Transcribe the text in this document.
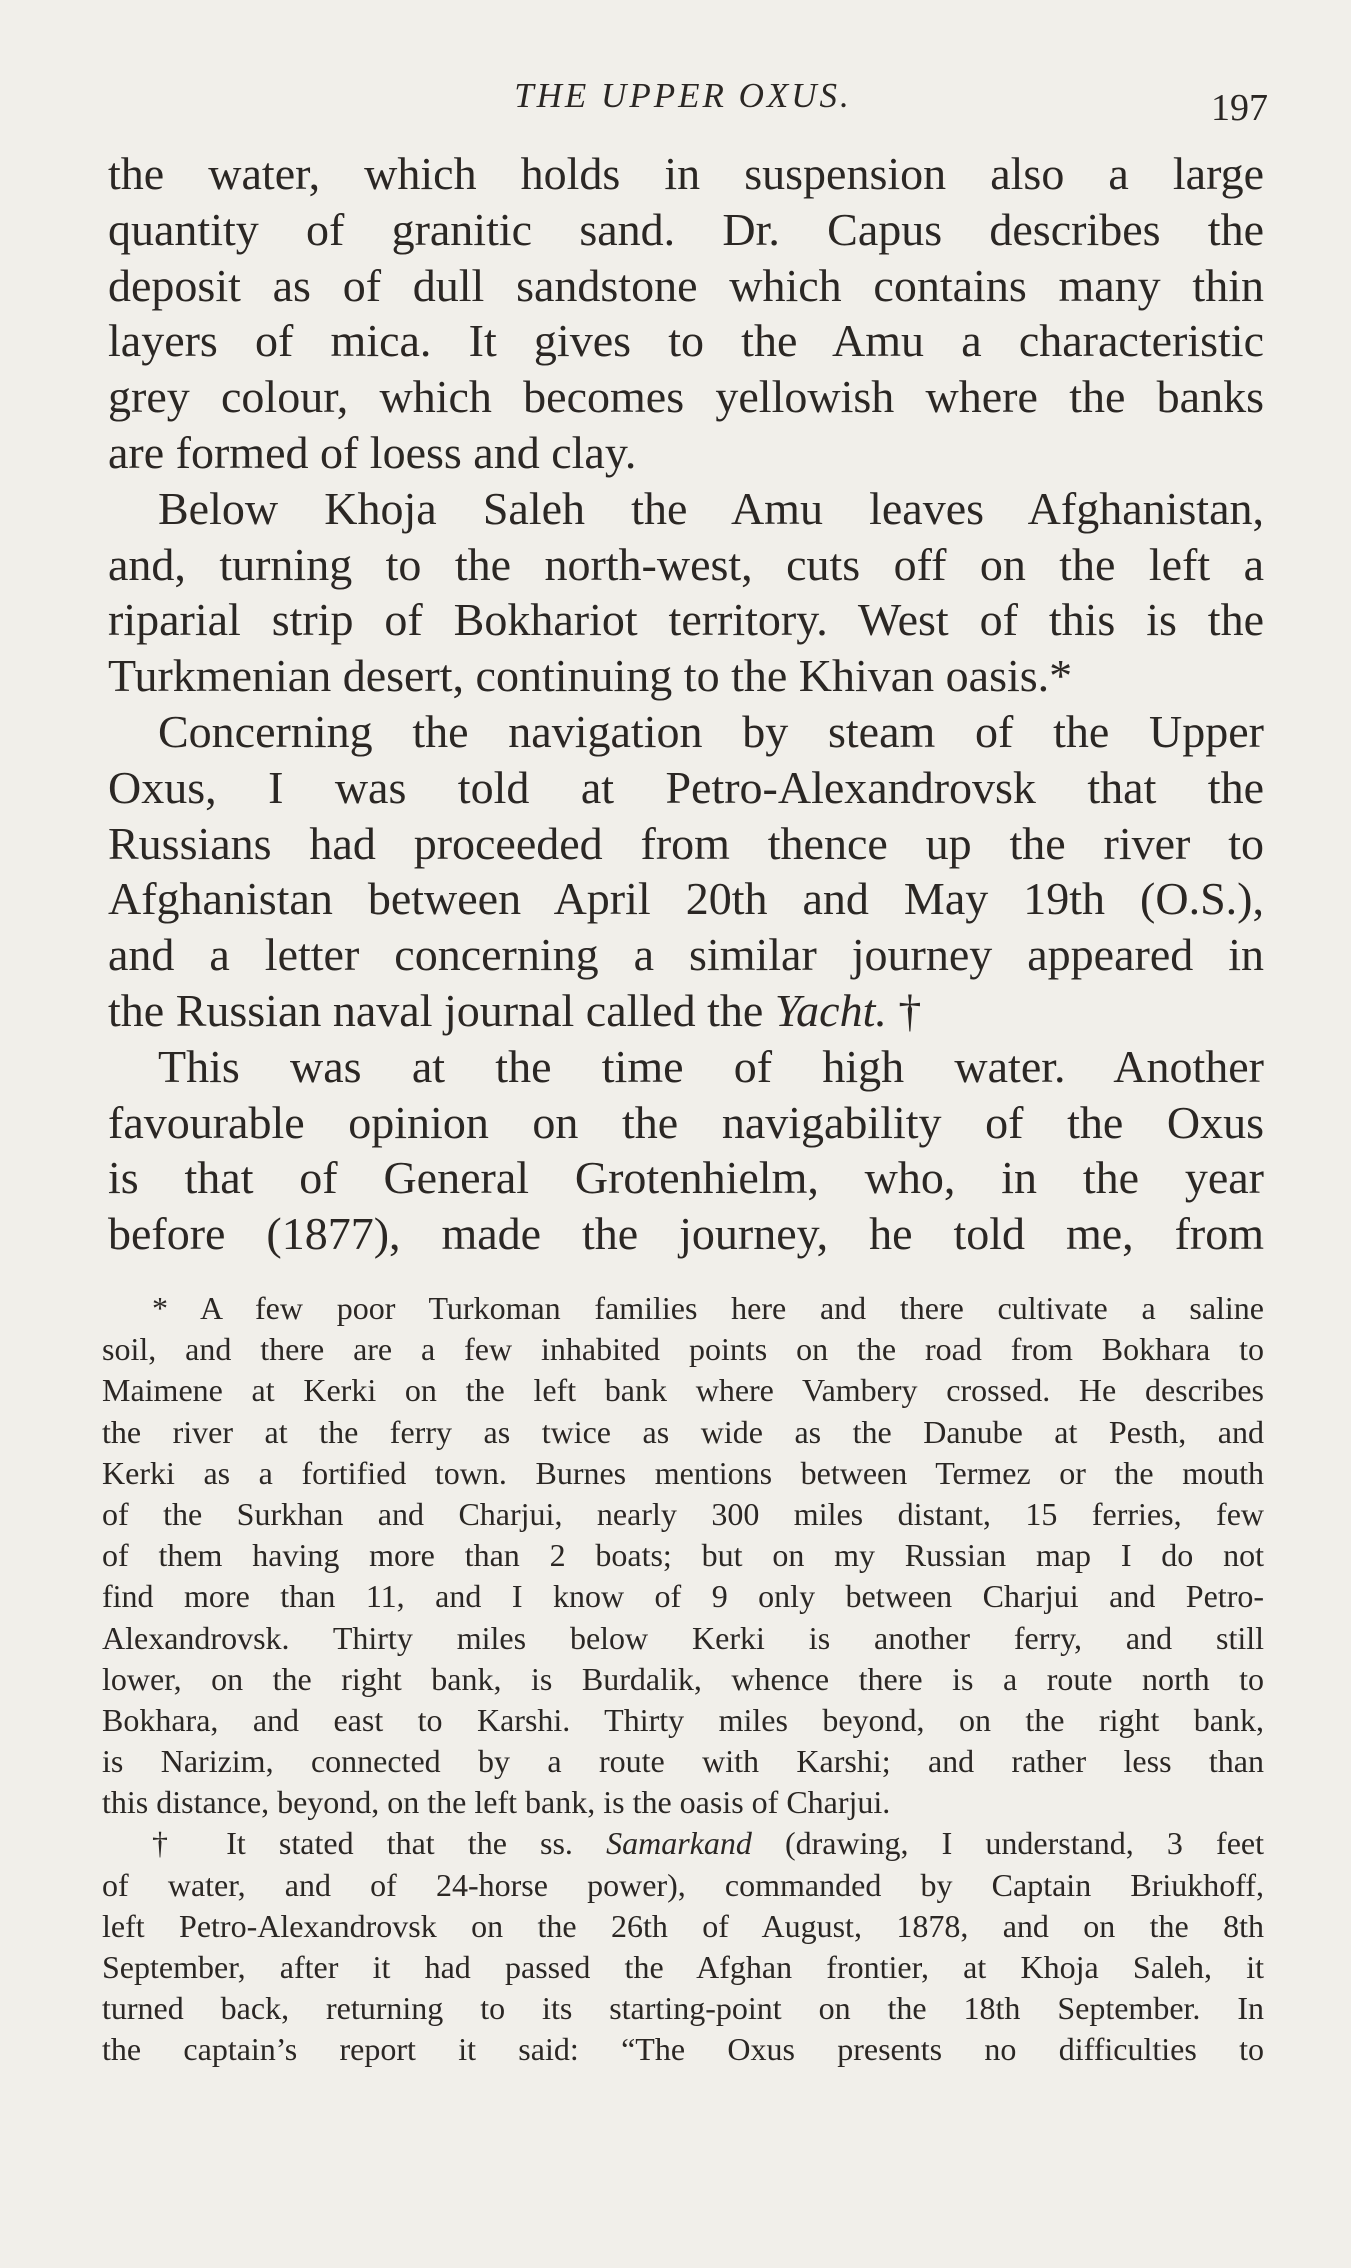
THE UPPER OXUS.	197
the water, which holds in suspension also a large
quantity of granitic sand. Dr. Capus describes the
deposit as of dull sandstone which contains many thin
layers of mica. It gives to the Amu a characteristic
grey colour, which becomes yellowish where the banks
are formed of loess and clay.
Below Khoja Saleh the Amu leaves Afghanistan,
and, turning to the north-west, cuts off on the left a
riparial strip of Bokhariot territory. West of this is the
Turkmenian desert, continuing to the Khivan oasis.*
Concerning the navigation by steam of the Upper
Oxus, I was told at Petro-Alexandrovsk that the
Russians had proceeded from thence up the river to
Afghanistan between April 20th and May 19th (O.S.),
and a letter concerning a similar journey appeared in
the Russian naval journal called the Yacht. †
This was at the time of high water. Another
favourable opinion on the navigability of the Oxus
is that of General Grotenhielm, who, in the year
before (1877), made the journey, he told me, from
* A few poor Turkoman families here and there cultivate a saline
soil, and there are a few inhabited points on the road from Bokhara to
Maimene at Kerki on the left bank where Vambery crossed. He describes
the river at the ferry as twice as wide as the Danube at Pesth, and
Kerki as a fortified town. Burnes mentions between Termez or the mouth
of the Surkhan and Charjui, nearly 300 miles distant, 15 ferries, few
of them having more than 2 boats; but on my Russian map I do not
find more than 11, and I know of 9 only between Charjui and Petro-
Alexandrovsk. Thirty miles below Kerki is another ferry, and still
lower, on the right bank, is Burdalik, whence there is a route north to
Bokhara, and east to Karshi. Thirty miles beyond, on the right bank,
is Narizim, connected by a route with Karshi; and rather less than
this distance, beyond, on the left bank, is the oasis of Charjui.
† It stated that the ss. Samarkand (drawing, I understand, 3 feet
of water, and of 24-horse power), commanded by Captain Briukhoff,
left Petro-Alexandrovsk on the 26th of August, 1878, and on the 8th
September, after it had passed the Afghan frontier, at Khoja Saleh, it
turned back, returning to its starting-point on the 18th September. In
the captain’s report it said: “The Oxus presents no difficulties to
